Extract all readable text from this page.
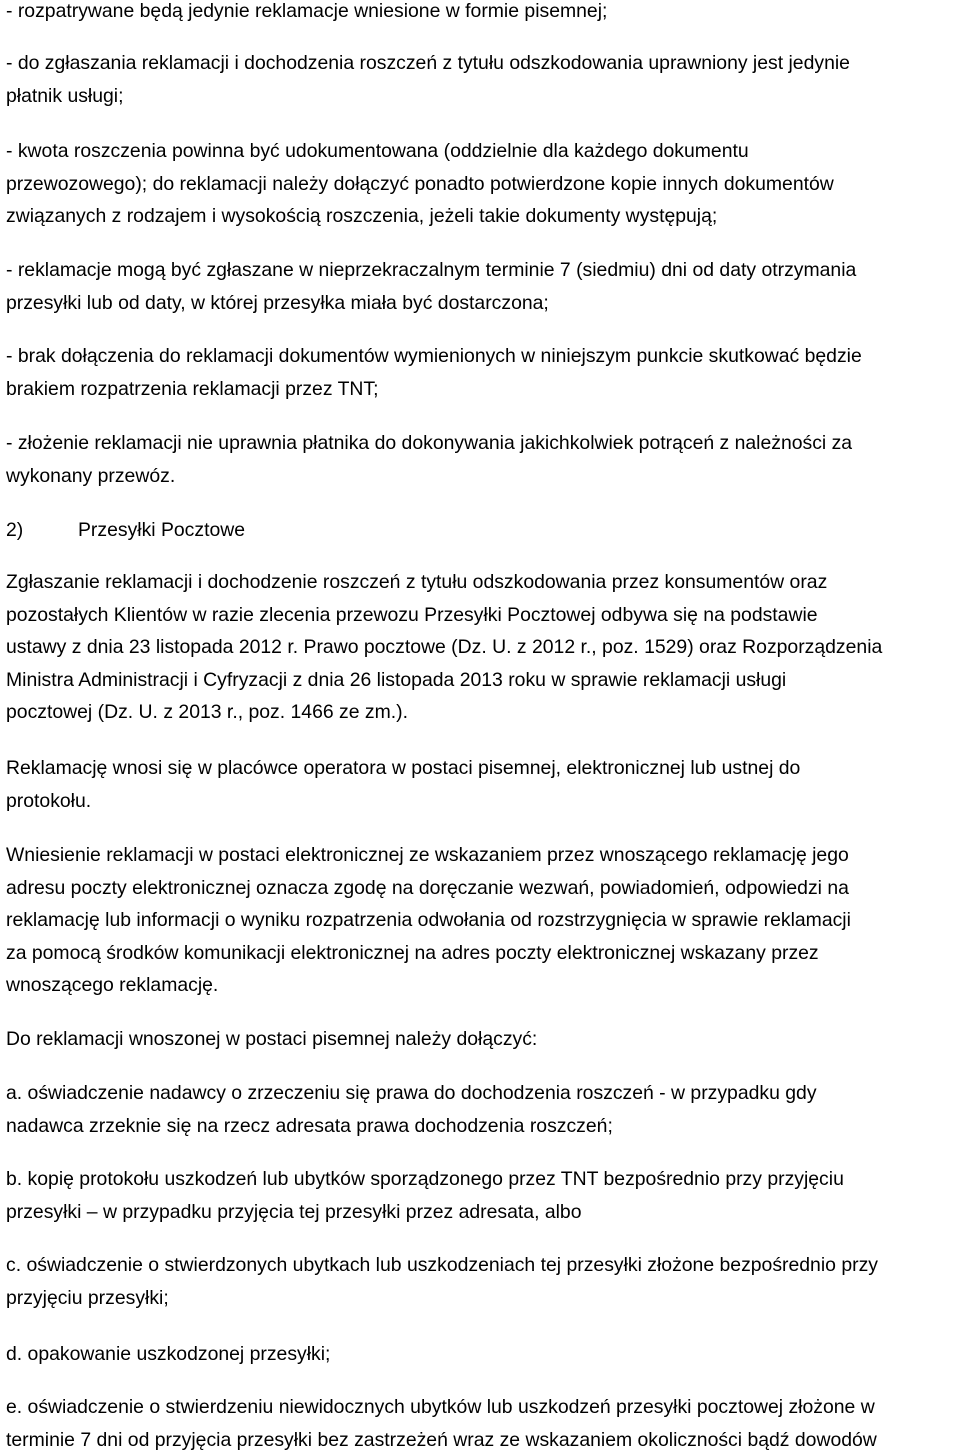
- rozpatrywane będą jedynie reklamacje wniesione w formie pisemnej;

- do zgłaszania reklamacji i dochodzenia roszczeń z tytułu odszkodowania uprawniony jest jedynie
płatnik usługi;

- kwota roszczenia powinna być udokumentowana (oddzielnie dla każdego dokumentu
przewozowego); do reklamacji należy dołączyć ponadto potwierdzone kopie innych dokumentów
związanych z rodzajem i wysokością roszczenia, jeżeli takie dokumenty występują;

- reklamacje mogą być zgłaszane w nieprzekraczalnym terminie 7 (siedmiu) dni od daty otrzymania
przesyłki lub od daty, w której przesyłka miała być dostarczona;

- brak dołączenia do reklamacji dokumentów wymienionych w niniejszym punkcie skutkować będzie
brakiem rozpatrzenia reklamacji przez TNT;

- złożenie reklamacji nie uprawnia płatnika do dokonywania jakichkolwiek potrąceń z należności za
wykonany przewóz.

2)	Przesyłki Pocztowe

Zgłaszanie reklamacji i dochodzenie roszczeń z tytułu odszkodowania przez konsumentów oraz
pozostałych Klientów w razie zlecenia przewozu Przesyłki Pocztowej odbywa się na podstawie
ustawy z dnia 23 listopada 2012 r. Prawo pocztowe (Dz. U. z 2012 r., poz. 1529) oraz Rozporządzenia
Ministra Administracji i Cyfryzacji z dnia 26 listopada 2013 roku w sprawie reklamacji usługi
pocztowej (Dz. U. z 2013 r., poz. 1466 ze zm.).

Reklamację wnosi się w placówce operatora w postaci pisemnej, elektronicznej lub ustnej do
protokołu.

Wniesienie reklamacji w postaci elektronicznej ze wskazaniem przez wnoszącego reklamację jego
adresu poczty elektronicznej oznacza zgodę na doręczanie wezwań, powiadomień, odpowiedzi na
reklamację lub informacji o wyniku rozpatrzenia odwołania od rozstrzygnięcia w sprawie reklamacji
za pomocą środków komunikacji elektronicznej na adres poczty elektronicznej wskazany przez
wnoszącego reklamację.

Do reklamacji wnoszonej w postaci pisemnej należy dołączyć:

a. oświadczenie nadawcy o zrzeczeniu się prawa do dochodzenia roszczeń - w przypadku gdy
nadawca zrzeknie się na rzecz adresata prawa dochodzenia roszczeń;

b. kopię protokołu uszkodzeń lub ubytków sporządzonego przez TNT bezpośrednio przy przyjęciu
przesyłki – w przypadku przyjęcia tej przesyłki przez adresata, albo

c. oświadczenie o stwierdzonych ubytkach lub uszkodzeniach tej przesyłki złożone bezpośrednio przy
przyjęciu przesyłki;

d. opakowanie uszkodzonej przesyłki;

e. oświadczenie o stwierdzeniu niewidocznych ubytków lub uszkodzeń przesyłki pocztowej złożone w
terminie 7 dni od przyjęcia przesyłki bez zastrzeżeń wraz ze wskazaniem okoliczności bądź dowodów
